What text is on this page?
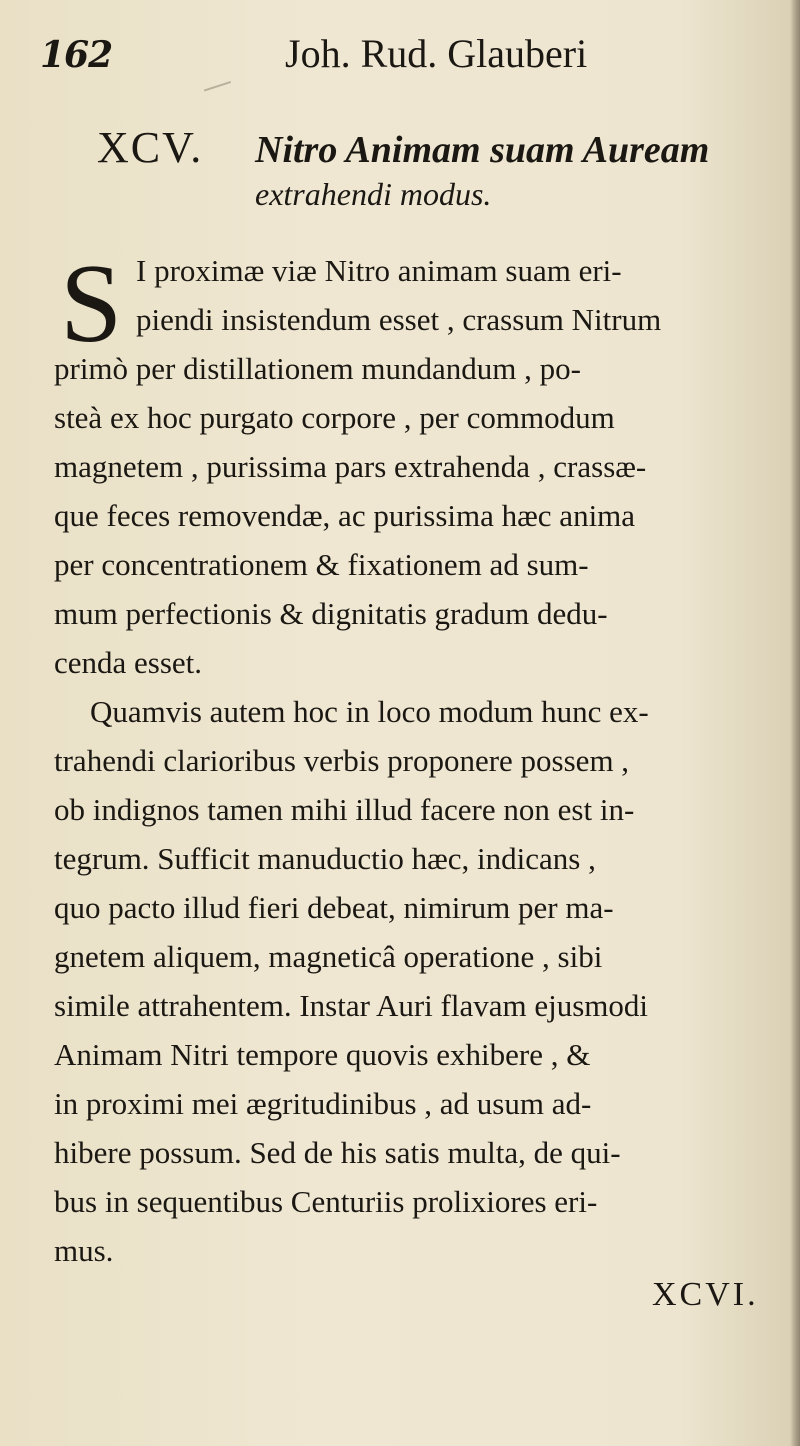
162	Joh. Rud. Glauberi
XCV. Nitro Animam suam Auream
extrahendi modus.
S I proximæ viæ Nitro animam suam eri-
piendi insistendum esset , crassum Nitrum
primò per distillationem mundandum , po-
steà ex hoc purgato corpore , per commodum
magnetem , purissima pars extrahenda , crassæ-
que feces removendæ, ac purissima hæc anima
per concentrationem & fixationem ad sum-
mum perfectionis & dignitatis gradum dedu-
cenda esset.
Quamvis autem hoc in loco modum hunc ex-
trahendi clarioribus verbis proponere possem ,
ob indignos tamen mihi illud facere non est in-
tegrum. Sufficit manuductio hæc, indicans ,
quo pacto illud fieri debeat, nimirum per ma-
gnetem aliquem, magneticâ operatione , sibi
simile attrahentem. Instar Auri flavam ejusmodi
Animam Nitri tempore quovis exhibere , &
in proximi mei ægritudinibus , ad usum ad-
hibere possum. Sed de his satis multa, de qui-
bus in sequentibus Centuriis prolixiores eri-
mus.
XCVI.
